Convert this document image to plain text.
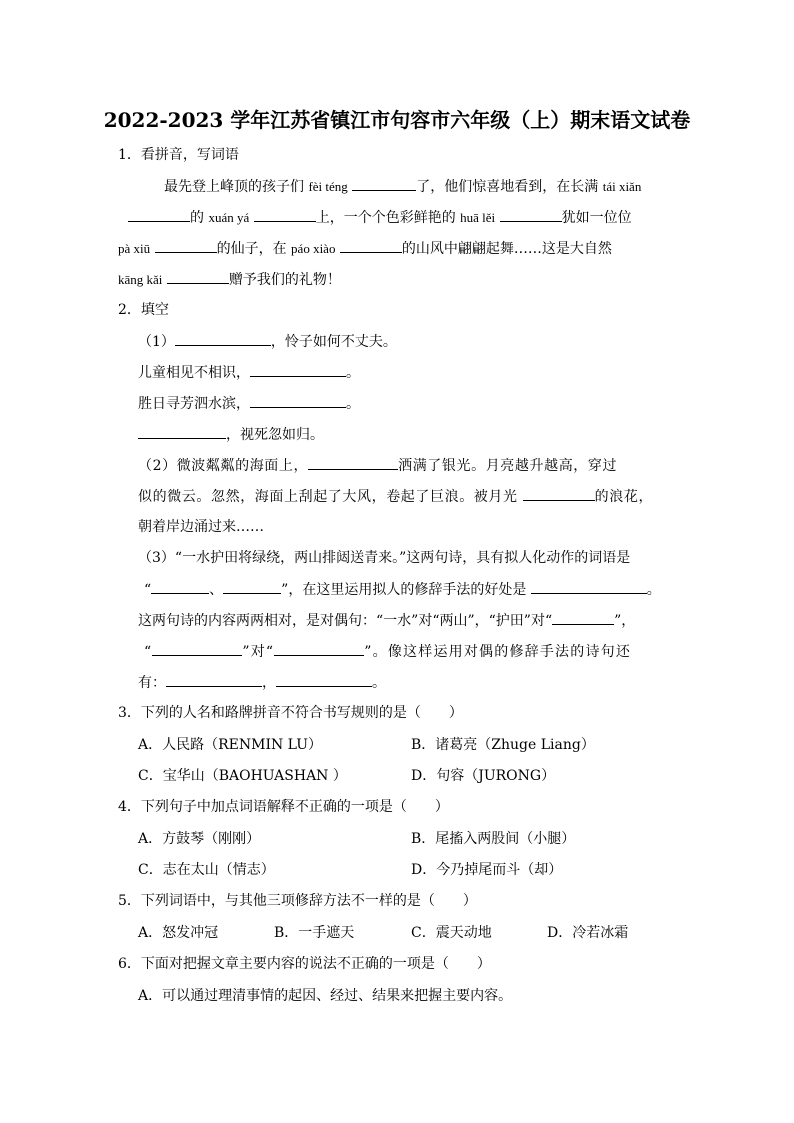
2022-2023 学年江苏省镇江市句容市六年级（上）期末语文试卷
1．看拼音，写词语
最先登上峰顶的孩子们 fèi téng	了，他们惊喜地看到，在长满 tái xiǎn
的 xuán yá	上，一个个色彩鲜艳的 huā lěi	犹如一位位
pà xiū	的仙子，在 páo xiào	的山风中翩翩起舞……这是大自然
kāng kǎi	赠予我们的礼物！
2．填空
（1）	，怜子如何不丈夫。
儿童相见不相识，	。
胜日寻芳泗水滨，	。
，视死忽如归。
（2）微波粼粼的海面上，	洒满了银光。月亮越升越高，穿过
似的微云。忽然，海面上刮起了大风，卷起了巨浪。被月光	的浪花，
朝着岸边涌过来……
（3）“一水护田将绿绕，两山排闼送青来。”这两句诗，具有拟人化动作的词语是
“	、	”，在这里运用拟人的修辞手法的好处是	。
这两句诗的内容两两相对，是对偶句：“一水”对“两山”，“护田”对“	”，
“	”对“	”。像这样运用对偶的修辞手法的诗句还
有：	，	。
3．下列的人名和路牌拼音不符合书写规则的是（　　）
A．人民路（RENMIN LU）	B．诸葛亮（Zhuge Liang）
C．宝华山（BAOHUASHAN ）	D．句容（JURONG）
4．下列句子中加点词语解释不正确的一项是（　　）
A．方鼓琴（刚刚）	B．尾搐入两股间（小腿）
C．志在太山（情志）	D．今乃掉尾而斗（却）
5．下列词语中，与其他三项修辞方法不一样的是（　　）
A．怒发冲冠	B．一手遮天	C．震天动地	D．冷若冰霜
6．下面对把握文章主要内容的说法不正确的一项是（　　）
A．可以通过理清事情的起因、经过、结果来把握主要内容。
